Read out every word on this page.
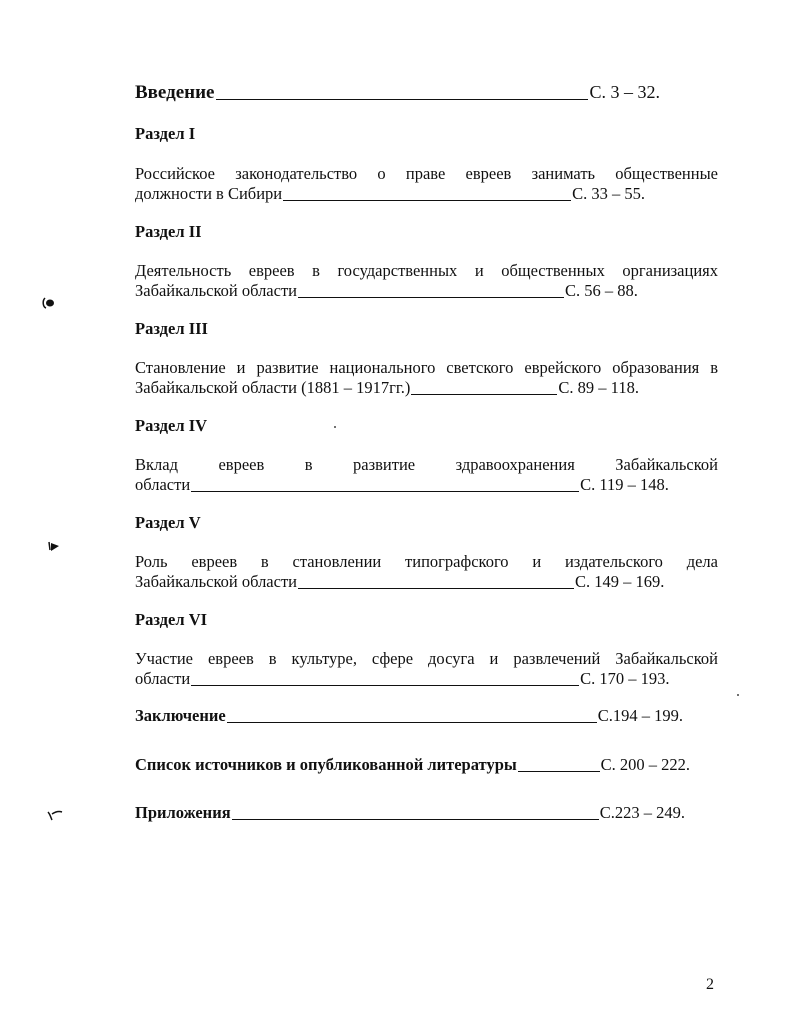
Введение	С. 3 – 32.
Раздел I
Российское законодательство о праве евреев занимать общественные
должности в Сибири	С. 33 – 55.
Раздел II
Деятельность евреев в государственных и общественных организациях
Забайкальской области	С. 56 – 88.
Раздел III
Становление и развитие национального светского еврейского образования в
Забайкальской области (1881 – 1917гг.)	С. 89 – 118.
Раздел IV
Вклад евреев в развитие здравоохранения Забайкальской
области	С. 119 – 148.
Раздел V
Роль евреев в становлении типографского и издательского дела
Забайкальской области	С. 149 – 169.
Раздел VI
Участие евреев в культуре, сфере досуга и развлечений Забайкальской
области	С. 170 – 193.
Заключение	С.194 – 199.
Список источников и опубликованной литературы	С. 200 – 222.
Приложения	С.223 – 249.
2
